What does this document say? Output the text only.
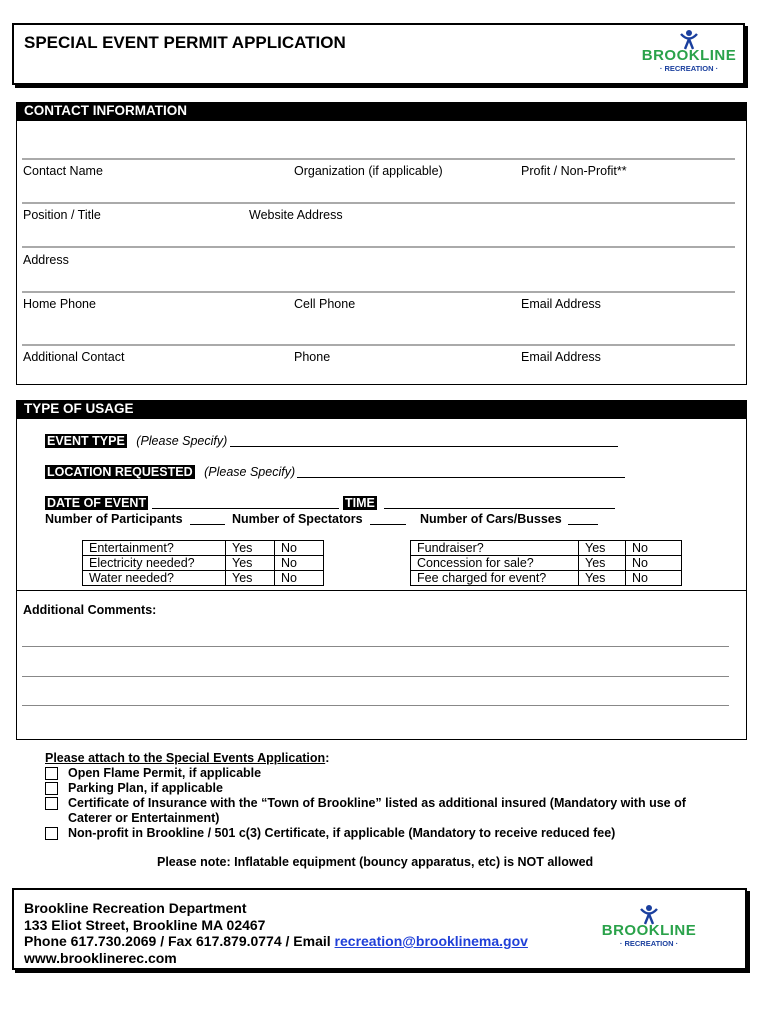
SPECIAL EVENT PERMIT APPLICATION
BROOKLINE
· RECREATION ·
CONTACT INFORMATION
Contact Name	Organization (if applicable)	Profit / Non-Profit**
Position / Title	Website Address
Address
Home Phone	Cell Phone	Email Address
Additional Contact	Phone	Email Address
TYPE OF USAGE
EVENT TYPE (Please Specify)
LOCATION REQUESTED (Please Specify)
DATE OF EVENT	TIME
Number of Participants	Number of Spectators	Number of Cars/Busses
Entertainment?	Yes	No
Electricity needed?	Yes	No
Water needed?	Yes	No
Fundraiser?	Yes	No
Concession for sale?	Yes	No
Fee charged for event?	Yes	No
Additional Comments:
Please attach to the Special Events Application:
Open Flame Permit, if applicable
Parking Plan, if applicable
Certificate of Insurance with the “Town of Brookline” listed as additional insured (Mandatory with use of
Caterer or Entertainment)
Non-profit in Brookline / 501 c(3) Certificate, if applicable (Mandatory to receive reduced fee)
Please note: Inflatable equipment (bouncy apparatus, etc) is NOT allowed
Brookline Recreation Department
133 Eliot Street, Brookline MA 02467
Phone 617.730.2069 / Fax 617.879.0774 / Email recreation@brooklinema.gov
www.brooklinerec.com
BROOKLINE
· RECREATION ·
